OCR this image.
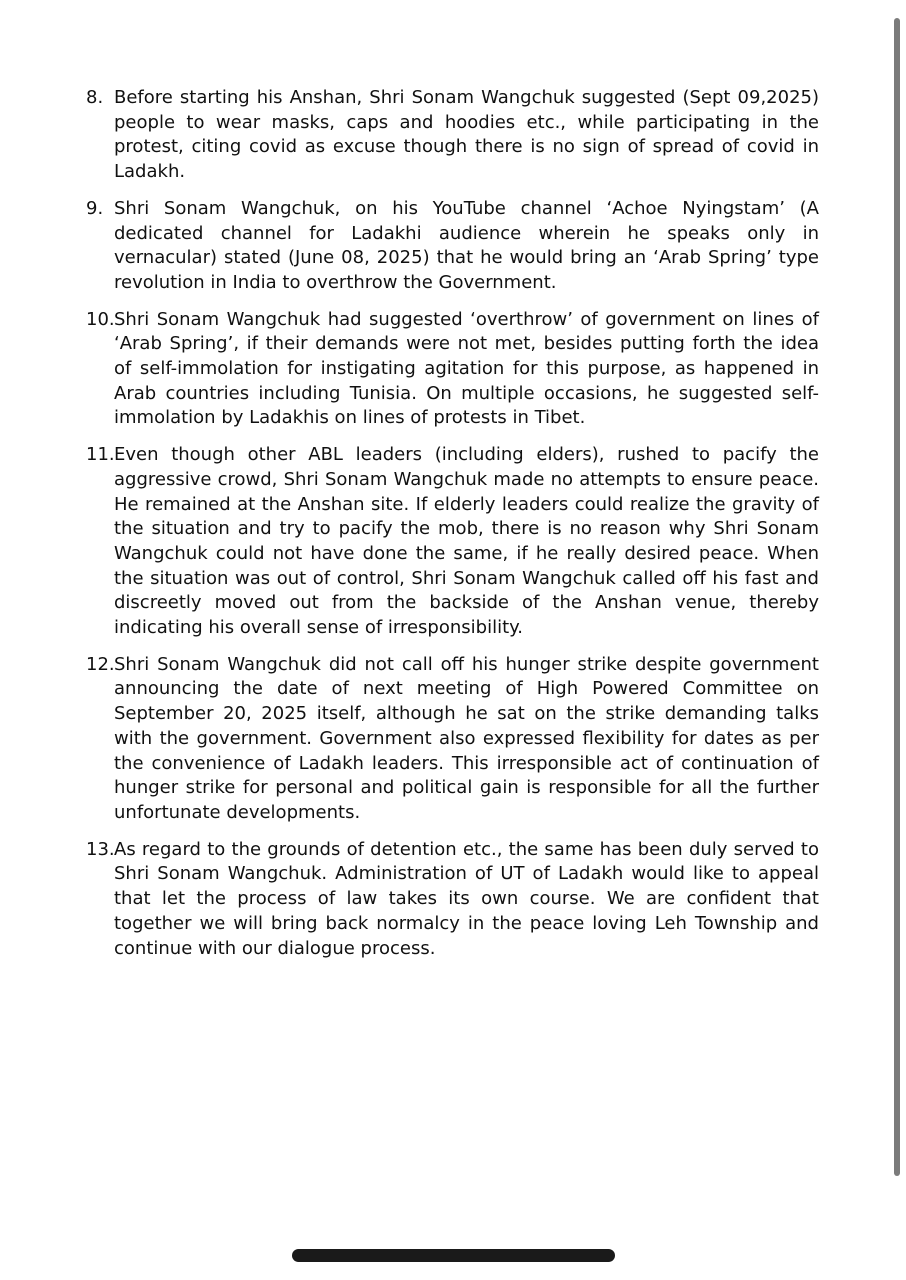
8. Before starting his Anshan, Shri Sonam Wangchuk suggested (Sept 09,2025) people to wear masks, caps and hoodies etc., while participating in the protest, citing covid as excuse though there is no sign of spread of covid in Ladakh.
9. Shri Sonam Wangchuk, on his YouTube channel ‘Achoe Nyingstam’ (A dedicated channel for Ladakhi audience wherein he speaks only in vernacular) stated (June 08, 2025) that he would bring an ‘Arab Spring’ type revolution in India to overthrow the Government.
10. Shri Sonam Wangchuk had suggested ‘overthrow’ of government on lines of ‘Arab Spring’, if their demands were not met, besides putting forth the idea of self-immolation for instigating agitation for this purpose, as happened in Arab countries including Tunisia. On multiple occasions, he suggested self-immolation by Ladakhis on lines of protests in Tibet.
11. Even though other ABL leaders (including elders), rushed to pacify the aggressive crowd, Shri Sonam Wangchuk made no attempts to ensure peace. He remained at the Anshan site. If elderly leaders could realize the gravity of the situation and try to pacify the mob, there is no reason why Shri Sonam Wangchuk could not have done the same, if he really desired peace. When the situation was out of control, Shri Sonam Wangchuk called off his fast and discreetly moved out from the backside of the Anshan venue, thereby indicating his overall sense of irresponsibility.
12. Shri Sonam Wangchuk did not call off his hunger strike despite government announcing the date of next meeting of High Powered Committee on September 20, 2025 itself, although he sat on the strike demanding talks with the government. Government also expressed flexibility for dates as per the convenience of Ladakh leaders. This irresponsible act of continuation of hunger strike for personal and political gain is responsible for all the further unfortunate developments.
13. As regard to the grounds of detention etc., the same has been duly served to Shri Sonam Wangchuk. Administration of UT of Ladakh would like to appeal that let the process of law takes its own course. We are confident that together we will bring back normalcy in the peace loving Leh Township and continue with our dialogue process.
